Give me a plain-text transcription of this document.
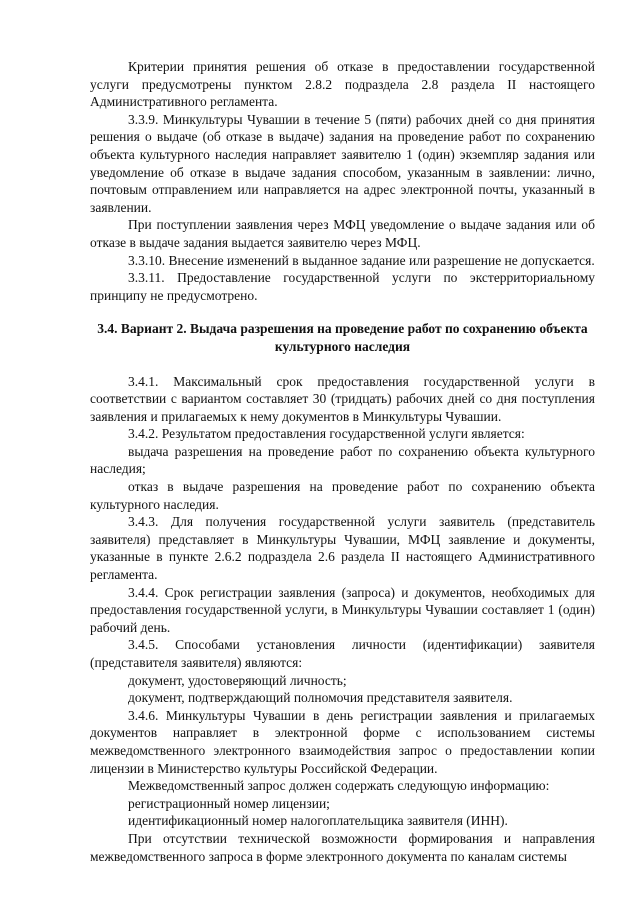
Критерии принятия решения об отказе в предоставлении государственной услуги предусмотрены пунктом 2.8.2 подраздела 2.8 раздела II настоящего Административного регламента.

3.3.9. Минкультуры Чувашии в течение 5 (пяти) рабочих дней со дня принятия решения о выдаче (об отказе в выдаче) задания на проведение работ по сохранению объекта культурного наследия направляет заявителю 1 (один) экземпляр задания или уведомление об отказе в выдаче задания способом, указанным в заявлении: лично, почтовым отправлением или направляется на адрес электронной почты, указанный в заявлении.

При поступлении заявления через МФЦ уведомление о выдаче задания или об отказе в выдаче задания выдается заявителю через МФЦ.

3.3.10. Внесение изменений в выданное задание или разрешение не допускается.

3.3.11. Предоставление государственной услуги по экстерриториальному принципу не предусмотрено.

3.4. Вариант 2. Выдача разрешения на проведение работ по сохранению объекта культурного наследия

3.4.1. Максимальный срок предоставления государственной услуги в соответствии с вариантом составляет 30 (тридцать) рабочих дней со дня поступления заявления и прилагаемых к нему документов в Минкультуры Чувашии.

3.4.2. Результатом предоставления государственной услуги является:

выдача разрешения на проведение работ по сохранению объекта культурного наследия;

отказ в выдаче разрешения на проведение работ по сохранению объекта культурного наследия.

3.4.3. Для получения государственной услуги заявитель (представитель заявителя) представляет в Минкультуры Чувашии, МФЦ заявление и документы, указанные в пункте 2.6.2 подраздела 2.6 раздела II настоящего Административного регламента.

3.4.4. Срок регистрации заявления (запроса) и документов, необходимых для предоставления государственной услуги, в Минкультуры Чувашии составляет 1 (один) рабочий день.

3.4.5. Способами установления личности (идентификации) заявителя (представителя заявителя) являются:

документ, удостоверяющий личность;

документ, подтверждающий полномочия представителя заявителя.

3.4.6. Минкультуры Чувашии в день регистрации заявления и прилагаемых документов направляет в электронной форме с использованием системы межведомственного электронного взаимодействия запрос о предоставлении копии лицензии в Министерство культуры Российской Федерации.

Межведомственный запрос должен содержать следующую информацию:

регистрационный номер лицензии;

идентификационный номер налогоплательщика заявителя (ИНН).

При отсутствии технической возможности формирования и направления межведомственного запроса в форме электронного документа по каналам системы
